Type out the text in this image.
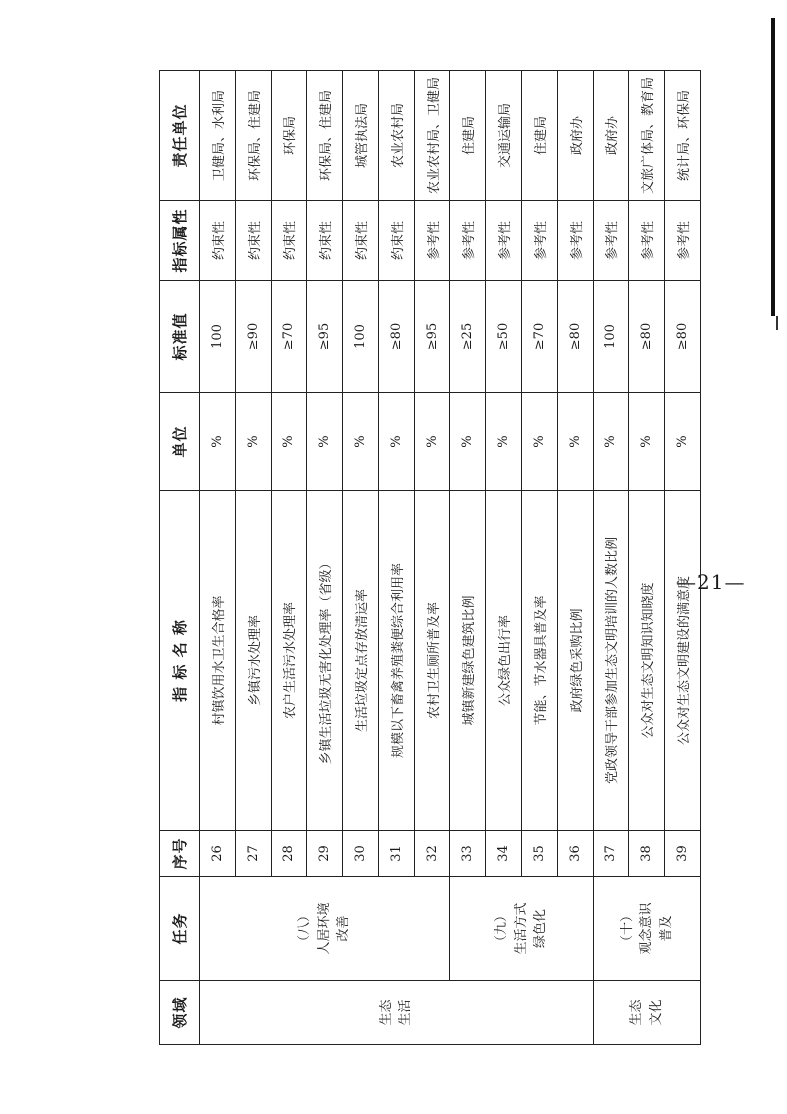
领域	任务	序号	指 标 名 称	单位	标准值	指标属性	责任单位

生态 生活	（八） 人居环境 改善	26	村镇饮用水卫生合格率	%	100	约束性	卫健局、水利局
		27	乡镇污水处理率	%	≥90	约束性	环保局、住建局
		28	农户生活污水处理率	%	≥70	约束性	环保局
		29	乡镇生活垃圾无害化处理率（省级）	%	≥95	约束性	环保局、住建局
		30	生活垃圾定点存放清运率	%	100	约束性	城管执法局
		31	规模以下畜禽养殖粪便综合利用率	%	≥80	约束性	农业农村局
		32	农村卫生厕所普及率	%	≥95	参考性	农业农村局、卫健局

	（九） 生活方式 绿色化	33	城镇新建绿色建筑比例	%	≥25	参考性	住建局
		34	公众绿色出行率	%	≥50	参考性	交通运输局
		35	节能、节水器具普及率	%	≥70	参考性	住建局
		36	政府绿色采购比例	%	≥80	参考性	政府办

生态 文化	（十） 观念意识 普及	37	党政领导干部参加生态文明培训的人数比例	%	100	参考性	政府办
		38	公众对生态文明知识知晓度	%	≥80	参考性	文旅广体局、教育局
		39	公众对生态文明建设的满意度	%	≥80	参考性	统计局、环保局
—21—
